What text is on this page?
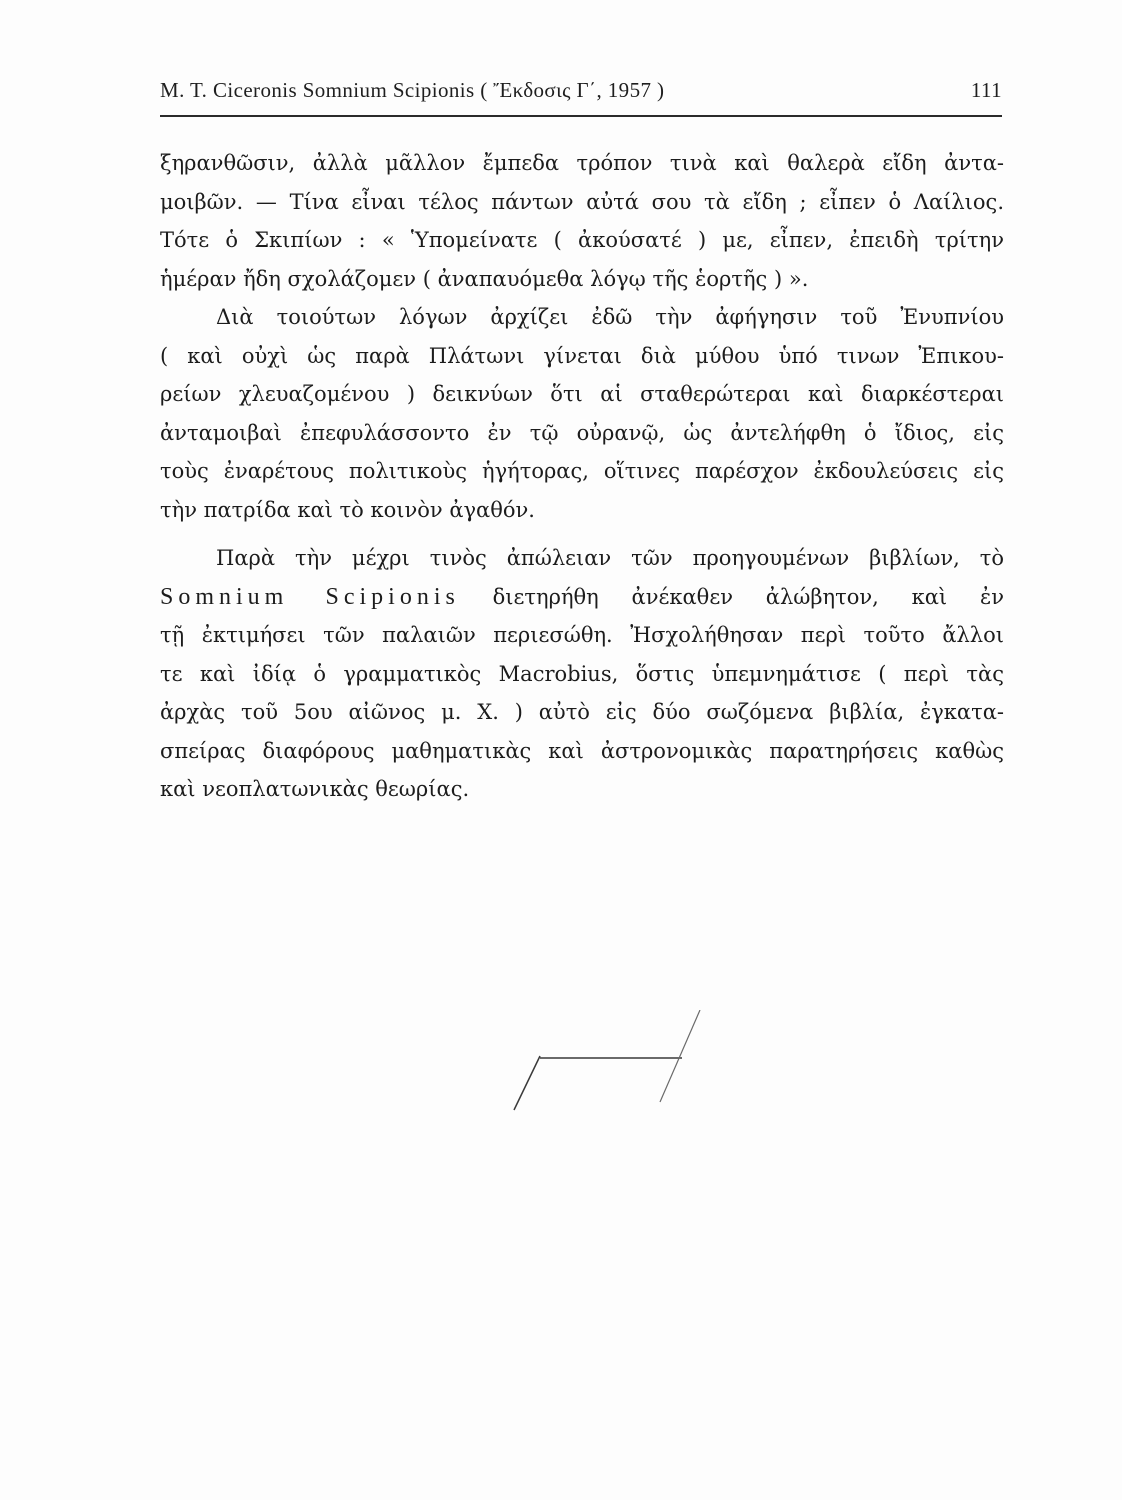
M. T. Ciceronis Somnium Scipionis ( Ἔκδοσις Γ΄, 1957 )	111
ξηρανθῶσιν, ἀλλὰ μᾶλλον ἔμπεδα τρόπον τινὰ καὶ θαλερὰ εἴδη ἀντα-
μοιβῶν. — Τίνα εἶναι τέλος πάντων αὐτά σου τὰ εἴδη ; εἶπεν ὁ Λαίλιος.
Τότε ὁ Σκιπίων : « Ὑπομείνατε ( ἀκούσατέ ) με, εἶπεν, ἐπειδὴ τρίτην
ἡμέραν ἤδη σχολάζομεν ( ἀναπαυόμεθα λόγῳ τῆς ἑορτῆς ) ».
Διὰ τοιούτων λόγων ἀρχίζει ἐδῶ τὴν ἀφήγησιν τοῦ Ἐνυπνίου
( καὶ οὐχὶ ὡς παρὰ Πλάτωνι γίνεται διὰ μύθου ὑπό τινων Ἐπικου-
ρείων χλευαζομένου ) δεικνύων ὅτι αἱ σταθερώτεραι καὶ διαρκέστεραι
ἀνταμοιβαὶ ἐπεφυλάσσοντο ἐν τῷ οὐρανῷ, ὡς ἀντελήφθη ὁ ἴδιος, εἰς
τοὺς ἐναρέτους πολιτικοὺς ἡγήτορας, οἵτινες παρέσχον ἐκδουλεύσεις εἰς
τὴν πατρίδα καὶ τὸ κοινὸν ἀγαθόν.
Παρὰ τὴν μέχρι τινὸς ἀπώλειαν τῶν προηγουμένων βιβλίων, τὸ
Somnium Scipionis διετηρήθη ἀνέκαθεν ἀλώβητον, καὶ ἐν
τῇ ἐκτιμήσει τῶν παλαιῶν περιεσώθη. Ἠσχολήθησαν περὶ τοῦτο ἄλλοι
τε καὶ ἰδίᾳ ὁ γραμματικὸς Macrobius, ὅστις ὑπεμνημάτισε ( περὶ τὰς
ἀρχὰς τοῦ 5ου αἰῶνος μ. Χ. ) αὐτὸ εἰς δύο σωζόμενα βιβλία, ἐγκατα-
σπείρας διαφόρους μαθηματικὰς καὶ ἀστρονομικὰς παρατηρήσεις καθὼς
καὶ νεοπλατωνικὰς θεωρίας.
